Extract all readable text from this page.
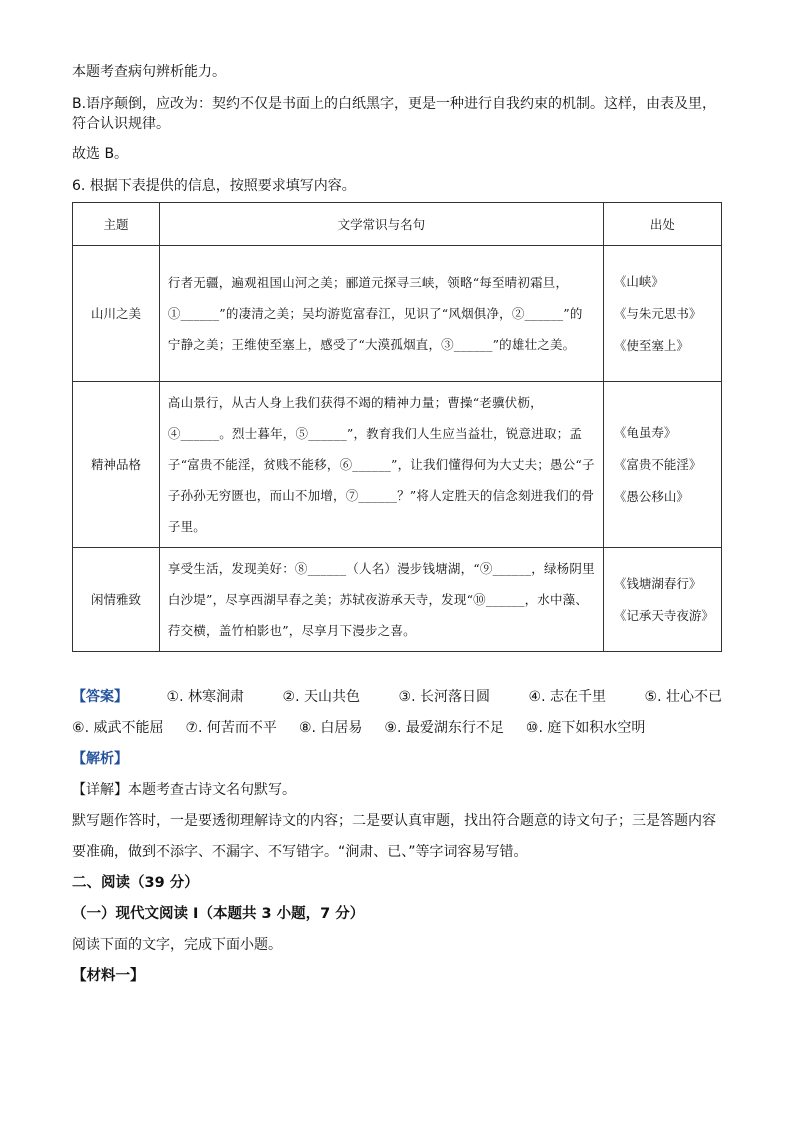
本题考查病句辨析能力。

B.语序颠倒，应改为：契约不仅是书面上的白纸黑字，更是一种进行自我约束的机制。这样，由表及里，
符合认识规律。

故选 B。

6. 根据下表提供的信息，按照要求填写内容。

主题	文学常识与名句	出处
山川之美	行者无疆，遍观祖国山河之美；郦道元探寻三峡，领略“每至晴初霜旦，①______”的凄清之美；吴均游览富春江，见识了“风烟俱净，②______”的宁静之美；王维使至塞上，感受了“大漠孤烟直，③______”的雄壮之美。	《山峡》
《与朱元思书》
《使至塞上》

精神品格	高山景行，从古人身上我们获得不竭的精神力量；曹操“老骥伏枥，④______。烈士暮年，⑤______”，教育我们人生应当益壮，锐意进取；孟子“富贵不能淫，贫贱不能移，⑥______”，让我们懂得何为大丈夫；愚公“子子孙孙无穷匮也，而山不加增，⑦______？”将人定胜天的信念刻进我们的骨子里。	《龟虽寿》
《富贵不能淫》
《愚公移山》

闲情雅致	享受生活，发现美好：⑧______（人名）漫步钱塘湖，“⑨______，绿杨阴里白沙堤”，尽享西湖早春之美；苏轼夜游承天寺，发现“⑩______，水中藻、荇交横，盖竹柏影也”，尽享月下漫步之喜。	《钱塘湖春行》
《记承天寺夜游》
【答案】	①. 林寒涧肃	②. 天山共色	③. 长河落日圆	④. 志在千里	⑤. 壮心不已
⑥. 威武不能屈 ⑦. 何苦而不平 ⑧. 白居易 ⑨. 最爱湖东行不足 ⑩. 庭下如积水空明
【解析】
【详解】本题考查古诗文名句默写。
默写题作答时，一是要透彻理解诗文的内容；二是要认真审题，找出符合题意的诗文句子；三是答题内容
要准确，做到不添字、不漏字、不写错字。“涧肃、已、”等字词容易写错。
二、阅读（39 分）
（一）现代文阅读 I（本题共 3 小题，7 分）
阅读下面的文字，完成下面小题。
【材料一】
